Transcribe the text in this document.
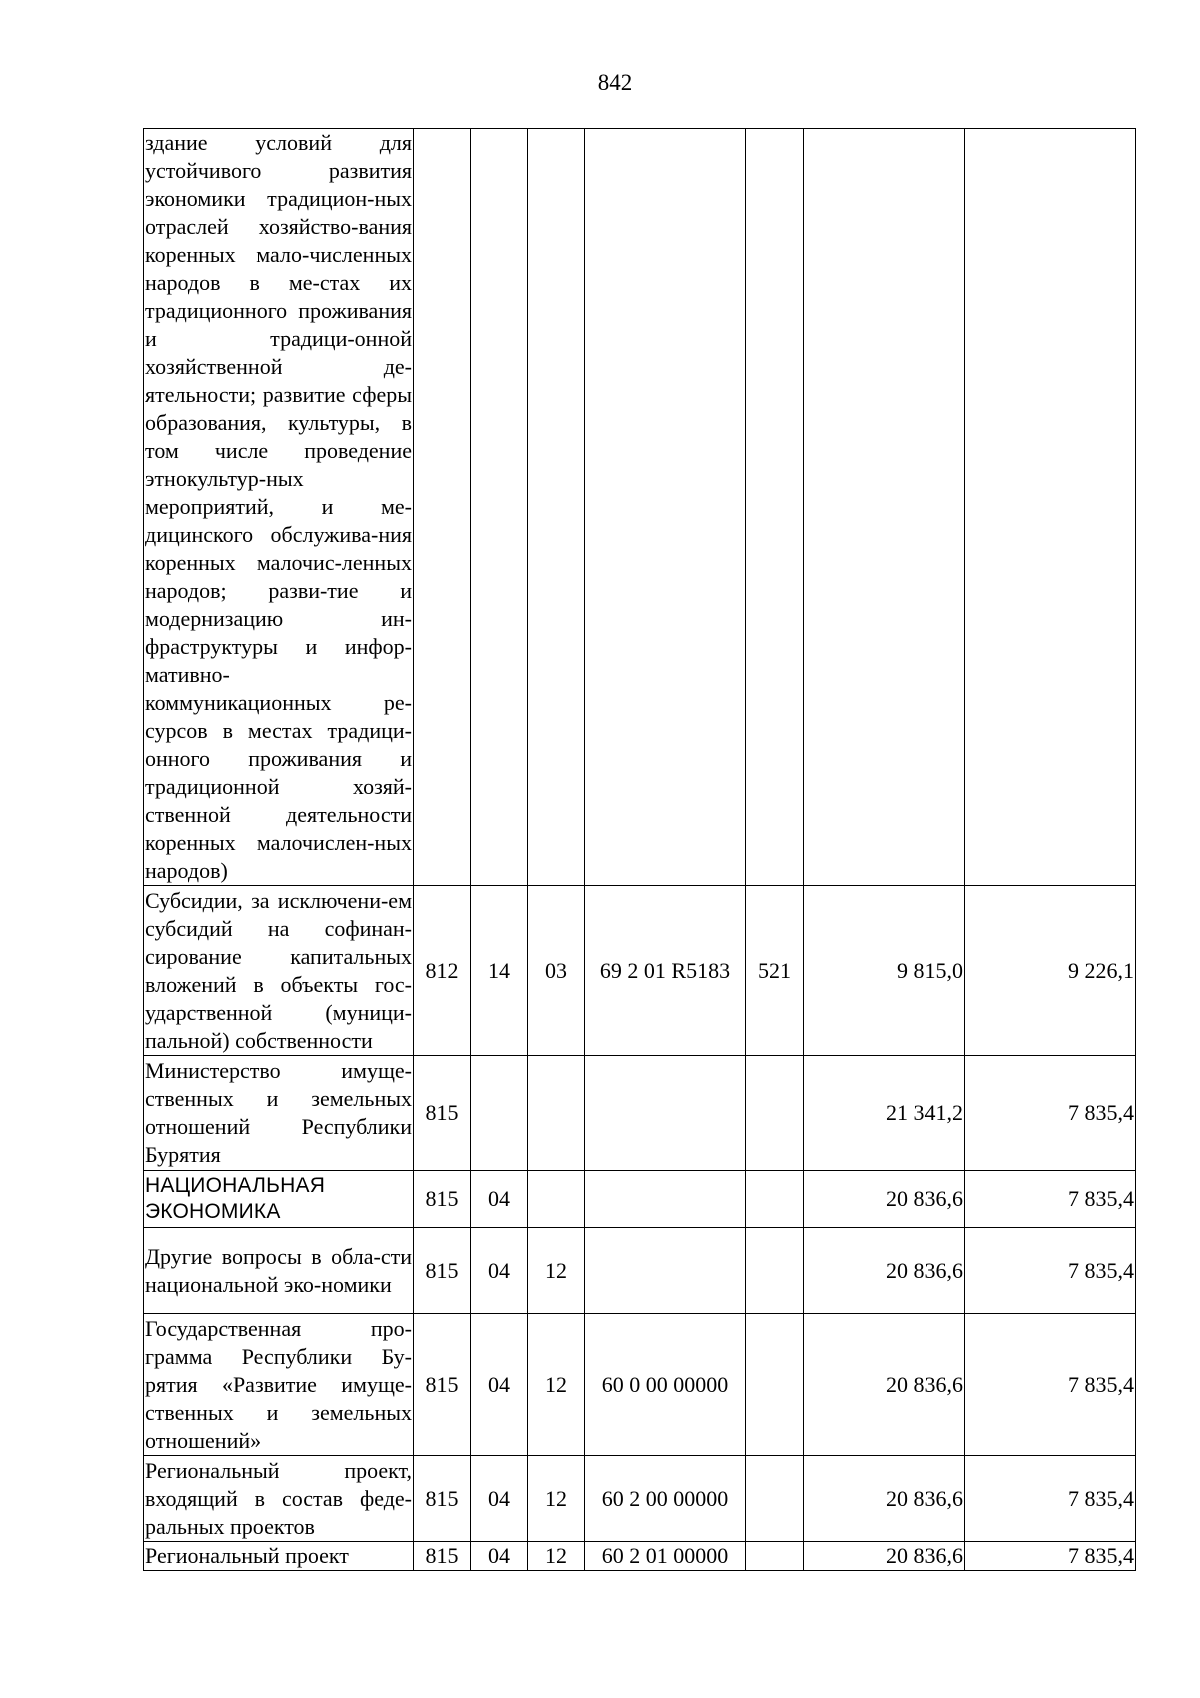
842
здание условий для устойчивого развития экономики традицион-ных отраслей хозяйство-вания коренных мало-численных народов в ме-стах их традиционного проживания и традици-онной хозяйственной де-ятельности; развитие сферы образования, культуры, в том числе проведение этнокультур-ных мероприятий, и ме-дицинского обслужива-ния коренных малочис-ленных народов; разви-тие и модернизацию ин-фраструктуры и инфор-мативно-коммуникационных ре-сурсов в местах традици-онного проживания и традиционной хозяй-ственной деятельности коренных малочислен-ных народов)							
Субсидии, за исключени-ем субсидий на софинан-сирование капитальных вложений в объекты гос-ударственной (муници-пальной) собственности	812	14	03	69 2 01 R5183	521	9 815,0	9 226,1
Министерство имуще-ственных и земельных отношений Республики Бурятия	815					21 341,2	7 835,4
НАЦИОНАЛЬНАЯ ЭКОНОМИКА	815	04				20 836,6	7 835,4
Другие вопросы в обла-сти национальной эко-номики	815	04	12			20 836,6	7 835,4
Государственная про-грамма Республики Бу-рятия «Развитие имуще-ственных и земельных отношений»	815	04	12	60 0 00 00000		20 836,6	7 835,4
Региональный проект, входящий в состав феде-ральных проектов	815	04	12	60 2 00 00000		20 836,6	7 835,4
Региональный проект	815	04	12	60 2 01 00000		20 836,6	7 835,4
